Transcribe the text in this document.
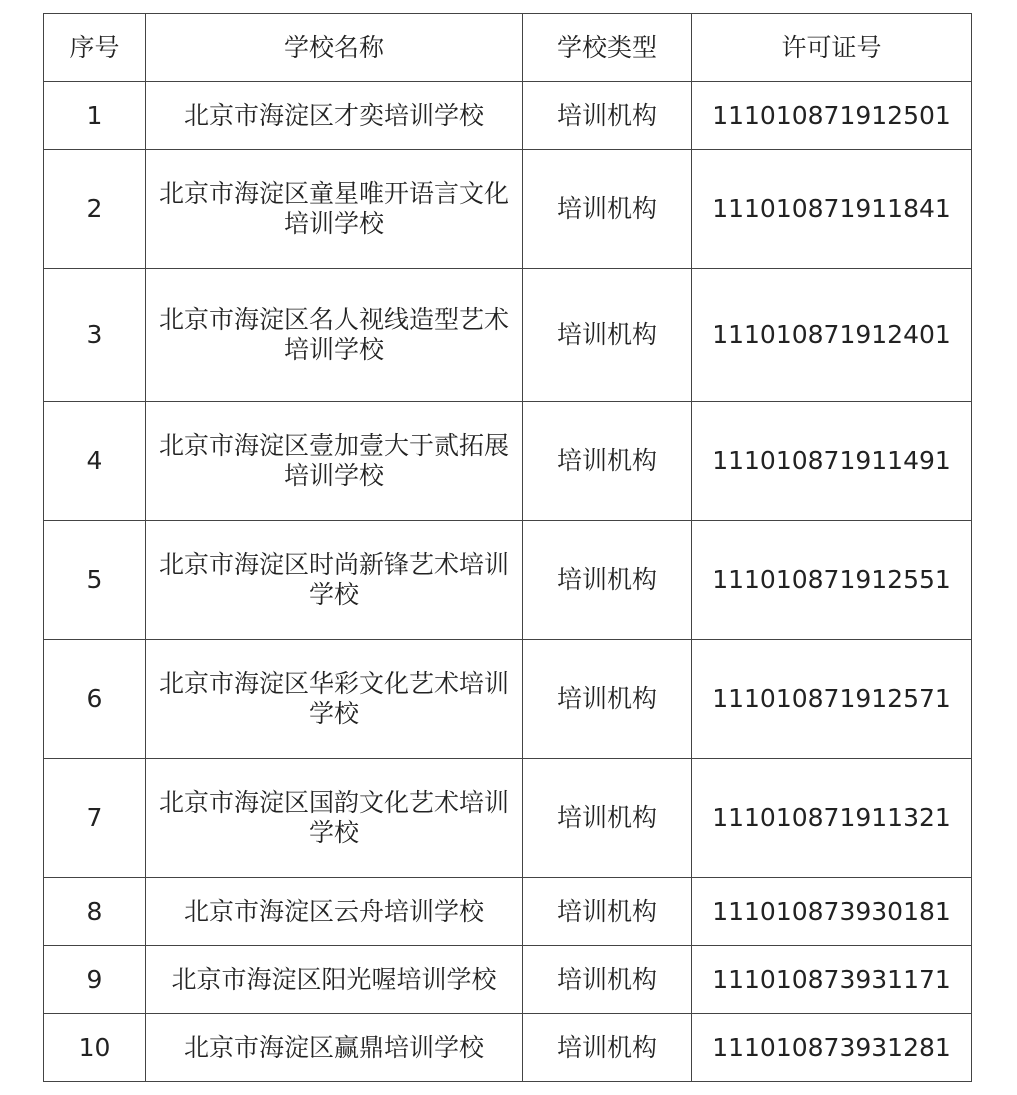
序号	学校名称	学校类型	许可证号
1	北京市海淀区才奕培训学校	培训机构	111010871912501
2	北京市海淀区童星唯开语言文化培训学校	培训机构	111010871911841
3	北京市海淀区名人视线造型艺术培训学校	培训机构	111010871912401
4	北京市海淀区壹加壹大于贰拓展培训学校	培训机构	111010871911491
5	北京市海淀区时尚新锋艺术培训学校	培训机构	111010871912551
6	北京市海淀区华彩文化艺术培训学校	培训机构	111010871912571
7	北京市海淀区国韵文化艺术培训学校	培训机构	111010871911321
8	北京市海淀区云舟培训学校	培训机构	111010873930181
9	北京市海淀区阳光喔培训学校	培训机构	111010873931171
10	北京市海淀区赢鼎培训学校	培训机构	111010873931281
